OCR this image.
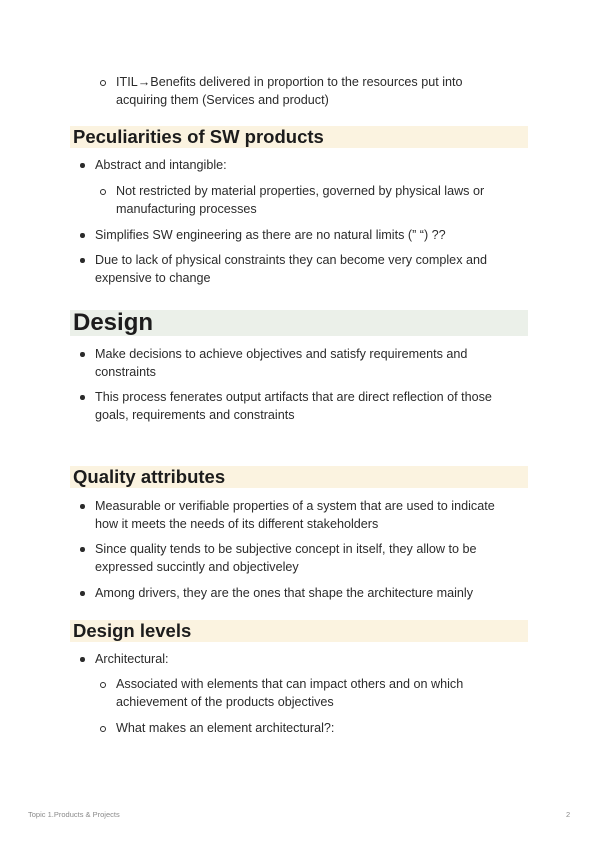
ITIL→Benefits delivered in proportion to the resources put into acquiring them (Services and product)
Peculiarities of SW products
Abstract and intangible:
Not restricted by material properties, governed by physical laws or manufacturing processes
Simplifies SW engineering as there are no natural limits (” “) ??
Due to lack of physical constraints they can become very complex and expensive to change
Design
Make decisions to achieve objectives and satisfy requirements and constraints
This process fenerates output artifacts that are direct reflection of those goals, requirements and constraints
Quality attributes
Measurable or verifiable properties of a system that are used to indicate how it meets the needs of its different stakeholders
Since quality tends to be subjective concept in itself, they allow to be expressed succintly and objectiveley
Among drivers, they are the ones that shape the architecture mainly
Design levels
Architectural:
Associated with elements that can impact others and on which achievement of the products objectives
What makes an element architectural?:
Topic 1.Products & Projects	2
